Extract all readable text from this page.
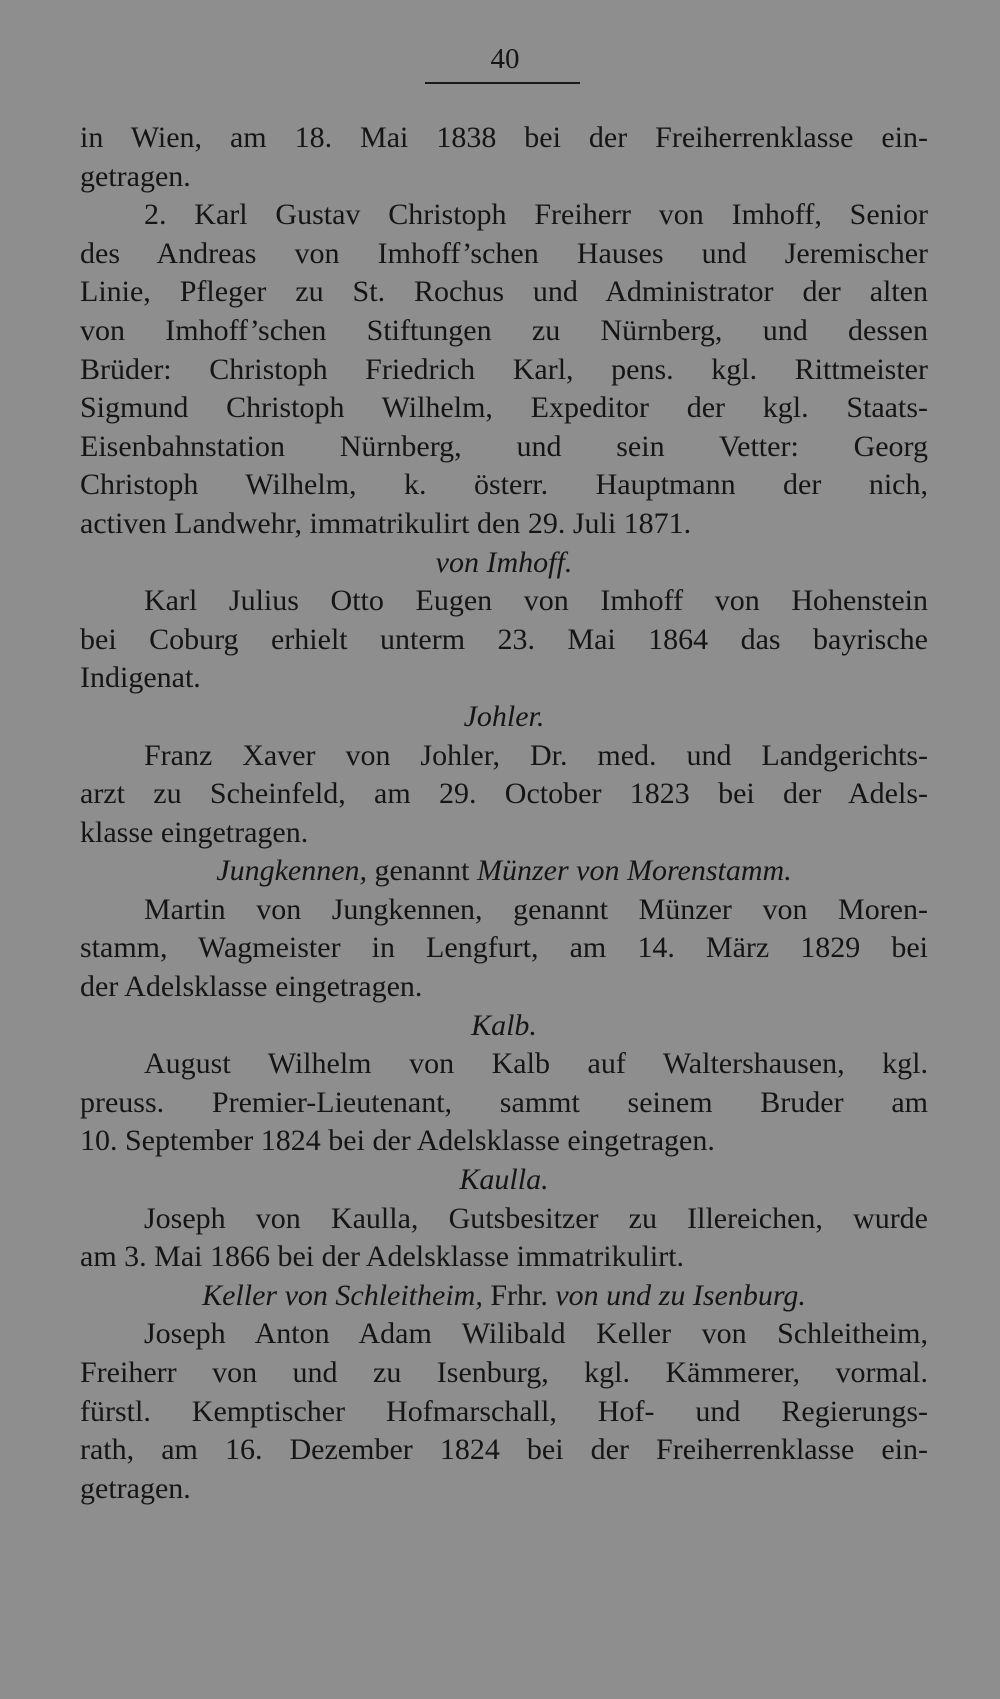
40
in Wien, am 18. Mai 1838 bei der Freiherrenklasse ein-
getragen.
2. Karl Gustav Christoph Freiherr von Imhoff, Senior
des Andreas von Imhoff’schen Hauses und Jeremischer
Linie, Pfleger zu St. Rochus und Administrator der alten
von Imhoff’schen Stiftungen zu Nürnberg, und dessen
Brüder: Christoph Friedrich Karl, pens. kgl. Rittmeister
Sigmund Christoph Wilhelm, Expeditor der kgl. Staats-
Eisenbahnstation Nürnberg, und sein Vetter: Georg
Christoph Wilhelm, k. österr. Hauptmann der nich,
activen Landwehr, immatrikulirt den 29. Juli 1871.
von Imhoff.
Karl Julius Otto Eugen von Imhoff von Hohenstein
bei Coburg erhielt unterm 23. Mai 1864 das bayrische
Indigenat.
Johler.
Franz Xaver von Johler, Dr. med. und Landgerichts-
arzt zu Scheinfeld, am 29. October 1823 bei der Adels-
klasse eingetragen.
Jungkennen, genannt Münzer von Morenstamm.
Martin von Jungkennen, genannt Münzer von Moren-
stamm, Wagmeister in Lengfurt, am 14. März 1829 bei
der Adelsklasse eingetragen.
Kalb.
August Wilhelm von Kalb auf Waltershausen, kgl.
preuss. Premier-Lieutenant, sammt seinem Bruder am
10. September 1824 bei der Adelsklasse eingetragen.
Kaulla.
Joseph von Kaulla, Gutsbesitzer zu Illereichen, wurde
am 3. Mai 1866 bei der Adelsklasse immatrikulirt.
Keller von Schleitheim, Frhr. von und zu Isenburg.
Joseph Anton Adam Wilibald Keller von Schleitheim,
Freiherr von und zu Isenburg, kgl. Kämmerer, vormal.
fürstl. Kemptischer Hofmarschall, Hof- und Regierungs-
rath, am 16. Dezember 1824 bei der Freiherrenklasse ein-
getragen.
